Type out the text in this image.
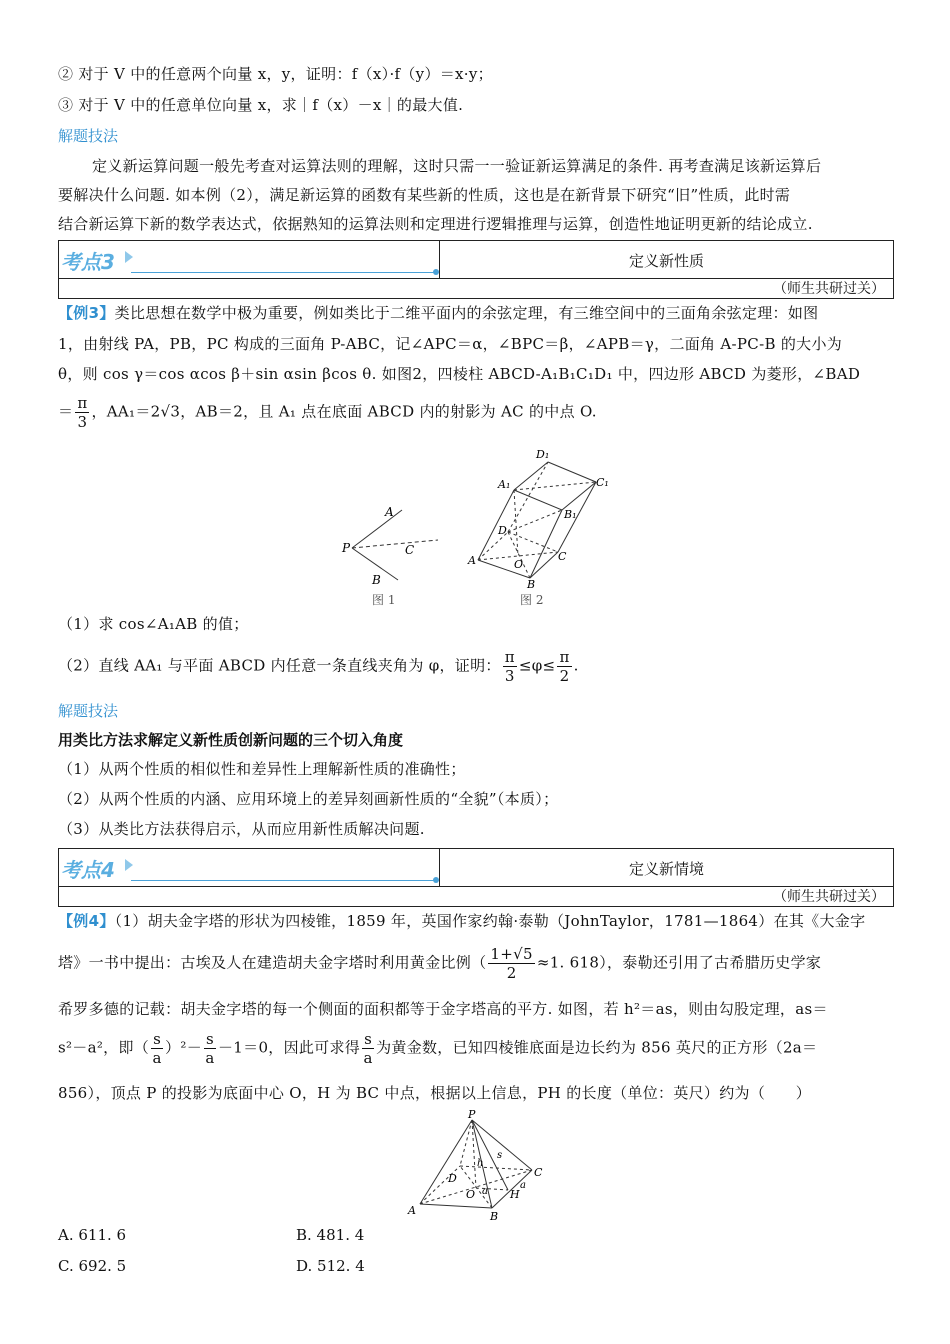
② 对于 V 中的任意两个向量 x，y，证明：f（x）·f（y）＝x·y；
③ 对于 V 中的任意单位向量 x，求｜f（x）－x｜的最大值.
解题技法
定义新运算问题一般先考查对运算法则的理解，这时只需一一验证新运算满足的条件. 再考查满足该新运算后
要解决什么问题. 如本例（2），满足新运算的函数有某些新的性质，这也是在新背景下研究“旧”性质，此时需
结合新运算下新的数学表达式，依据熟知的运算法则和定理进行逻辑推理与运算，创造性地证明更新的结论成立.
考点3	定义新性质
（师生共研过关）
【例3】类比思想在数学中极为重要，例如类比于二维平面内的余弦定理，有三维空间中的三面角余弦定理：如图
1，由射线 PA，PB，PC 构成的三面角 P-ABC，记∠APC＝α，∠BPC＝β，∠APB＝γ，二面角 A-PC-B 的大小为
θ，则 cos γ＝cos αcos β＋sin αsin βcos θ. 如图2，四棱柱 ABCD-A₁B₁C₁D₁ 中，四边形 ABCD 为菱形，∠BAD
＝ $\frac{\pi}{3}$ ，AA₁＝2√3，AB＝2，且 A₁ 点在底面 ABCD 内的射影为 AC 的中点 O.
A
P	C
B
图 1
D₁
A₁	C₁
B₁
D
C
A	O
B
图 2
（1）求 cos∠A₁AB 的值；
（2）直线 AA₁ 与平面 ABCD 内任意一条直线夹角为 φ，证明： $\frac{\pi}{3} \le\varphi\le \frac{\pi}{2}$ .
解题技法
用类比方法求解定义新性质创新问题的三个切入角度
（1）从两个性质的相似性和差异性上理解新性质的准确性；
（2）从两个性质的内涵、应用环境上的差异刻画新性质的“全貌”（本质）；
（3）从类比方法获得启示，从而应用新性质解决问题.
考点4	定义新情境
（师生共研过关）
【例4】（1）胡夫金字塔的形状为四棱锥，1859 年，英国作家约翰·泰勒（JohnTaylor，1781—1864）在其《大金字
塔》一书中提出：古埃及人在建造胡夫金字塔时利用黄金比例（ $\frac{1+√5}{2} \approx 1$. 618），泰勒还引用了古希腊历史学家
希罗多德的记载：胡夫金字塔的每一个侧面的面积都等于金字塔高的平方. 如图，若 h²＝as，则由勾股定理，as＝
s²－a²，即（ $\frac{s}{a} )^2- \frac{s}{a} -1=0$，因此可求得 $\frac{s}{a}$ 为黄金数，已知四棱锥底面是边长约为 856 英尺的正方形（2a＝
856），顶点 P 的投影为底面中心 O，H 为 BC 中点，根据以上信息，PH 的长度（单位：英尺）约为（　　）
P
h
s
D	C
O a H
a
A	B
A. 611. 6	B. 481. 4
C. 692. 5	D. 512. 4
